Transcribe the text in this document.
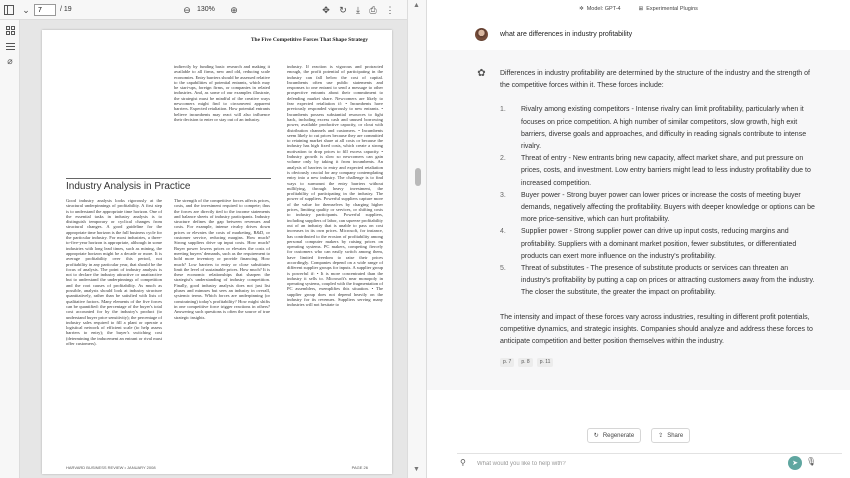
⌄
7	/ 19	⊖ 130% ⊕	✥ ↻	⤓	⎙ ⋮
⌀
The Five Competitive Forces That Shape Strategy
indirectly by funding basic research and making it available to all firms, new and old, reducing scale economies. Entry barriers should be assessed relative to the capabilities of potential entrants, which may be start-ups, foreign firms, or companies in related industries. And, as some of our examples illustrate, the strategist must be mindful of the creative ways newcomers might find to circumvent apparent barriers. Expected retaliation. How potential entrants believe incumbents may react will also influence their decision to enter or stay out of an industry.
industry. If reaction is vigorous and protracted enough, the profit potential of participating in the industry can fall below the cost of capital. Incumbents often use public statements and responses to one entrant to send a message to other prospective entrants about their commitment to defending market share. Newcomers are likely to fear expected retaliation if: • Incumbents have previously responded vigorously to new entrants. • Incumbents possess substantial resources to fight back, including excess cash and unused borrowing power, available productive capacity, or clout with distribution channels and customers. • Incumbents seem likely to cut prices because they are committed to retaining market share at all costs or because the industry has high fixed costs, which create a strong motivation to drop prices to fill excess capacity. • Industry growth is slow so newcomers can gain volume only by taking it from incumbents. An analysis of barriers to entry and expected retaliation is obviously crucial for any company contemplating entry into a new industry. The challenge is to find ways to surmount the entry barriers without nullifying, through heavy investment, the profitability of participating in the industry. The power of suppliers. Powerful suppliers capture more of the value for themselves by charging higher prices, limiting quality or services, or shifting costs to industry participants. Powerful suppliers, including suppliers of labor, can squeeze profitability out of an industry that is unable to pass on cost increases in its own prices. Microsoft, for instance, has contributed to the erosion of profitability among personal computer makers by raising prices on operating systems. PC makers, competing fiercely for customers who can easily switch among them, have limited freedom to raise their prices accordingly. Companies depend on a wide range of different supplier groups for inputs. A supplier group is powerful if: • It is more concentrated than the industry it sells to. Microsoft's near monopoly in operating systems, coupled with the fragmentation of PC assemblers, exemplifies this situation. • The supplier group does not depend heavily on the industry for its revenues. Suppliers serving many industries will not hesitate to
Industry Analysis in Practice
Good industry analysis looks rigorously at the structural underpinnings of profitability. A first step is to understand the appropriate time horizon. One of the essential tasks in industry analysis is to distinguish temporary or cyclical changes from structural changes. A good guideline for the appropriate time horizon is the full business cycle for the particular industry. For most industries, a three-to-five-year horizon is appropriate, although in some industries with long lead times, such as mining, the appropriate horizon might be a decade or more. It is average profitability over this period, not profitability in any particular year, that should be the focus of analysis. The point of industry analysis is not to declare the industry attractive or unattractive but to understand the underpinnings of competition and the root causes of profitability. As much as possible, analysts should look at industry structure quantitatively, rather than be satisfied with lists of qualitative factors. Many elements of the five forces can be quantified: the percentage of the buyer's total cost accounted for by the industry's product (to understand buyer price sensitivity); the percentage of industry sales required to fill a plant or operate a logistical network of efficient scale (to help assess barriers to entry); the buyer's switching cost (determining the inducement an entrant or rival must offer customers).
The strength of the competitive forces affects prices, costs, and the investment required to compete; thus the forces are directly tied to the income statements and balance sheets of industry participants. Industry structure defines the gap between revenues and costs. For example, intense rivalry drives down prices or elevates the costs of marketing, R&D, or customer service, reducing margins. How much? Strong suppliers drive up input costs. How much? Buyer power lowers prices or elevates the costs of meeting buyers' demands, such as the requirement to hold more inventory or provide financing. How much? Low barriers to entry or close substitutes limit the level of sustainable prices. How much? It is these economic relationships that sharpen the strategist's understanding of industry competition. Finally, good industry analysis does not just list pluses and minuses but sees an industry in overall, systemic terms. Which forces are underpinning (or constraining) today's profitability? How might shifts in one competitive force trigger reactions in others? Answering such questions is often the source of true strategic insights.
HARVARD BUSINESS REVIEW • JANUARY 2008	PAGE 26
▲
▼
✲ Model: GPT-4	⊞ Experimental Plugins
what are differences in industry profitability
✿ Differences in industry profitability are determined by the structure of the industry and the strength of the competitive forces within it. These forces include:

1. Rivalry among existing competitors - Intense rivalry can limit profitability, particularly when it focuses on price competition. A high number of similar competitors, slow growth, high exit barriers, diverse goals and approaches, and difficulty in reading signals contribute to intense rivalry.
2. Threat of entry - New entrants bring new capacity, affect market share, and put pressure on prices, costs, and investment. Low entry barriers might lead to less industry profitability due to increased competition.
3. Buyer power - Strong buyer power can lower prices or increase the costs of meeting buyer demands, negatively affecting the profitability. Buyers with deeper knowledge or options can be more price-sensitive, which can hurt profitability.
4. Supplier power - Strong supplier power can drive up input costs, reducing margins and profitability. Suppliers with a dominant market position, fewer substitutes, or differentiated products can exert more influence on the industry's profitability.
5. Threat of substitutes - The presence of substitute products or services can threaten an industry's profitability by putting a cap on prices or attracting customers away from the industry. The closer the substitute, the greater the impact on profitability.

The intensity and impact of these forces vary across industries, resulting in different profit potentials, competitive dynamics, and strategic insights. Companies should analyze and address these forces to anticipate competition and better position themselves within the industry.

p. 7	p. 8	p. 11
↻ Regenerate	⇪ Share
⚲
What would you like to help with?	➤	🎙
